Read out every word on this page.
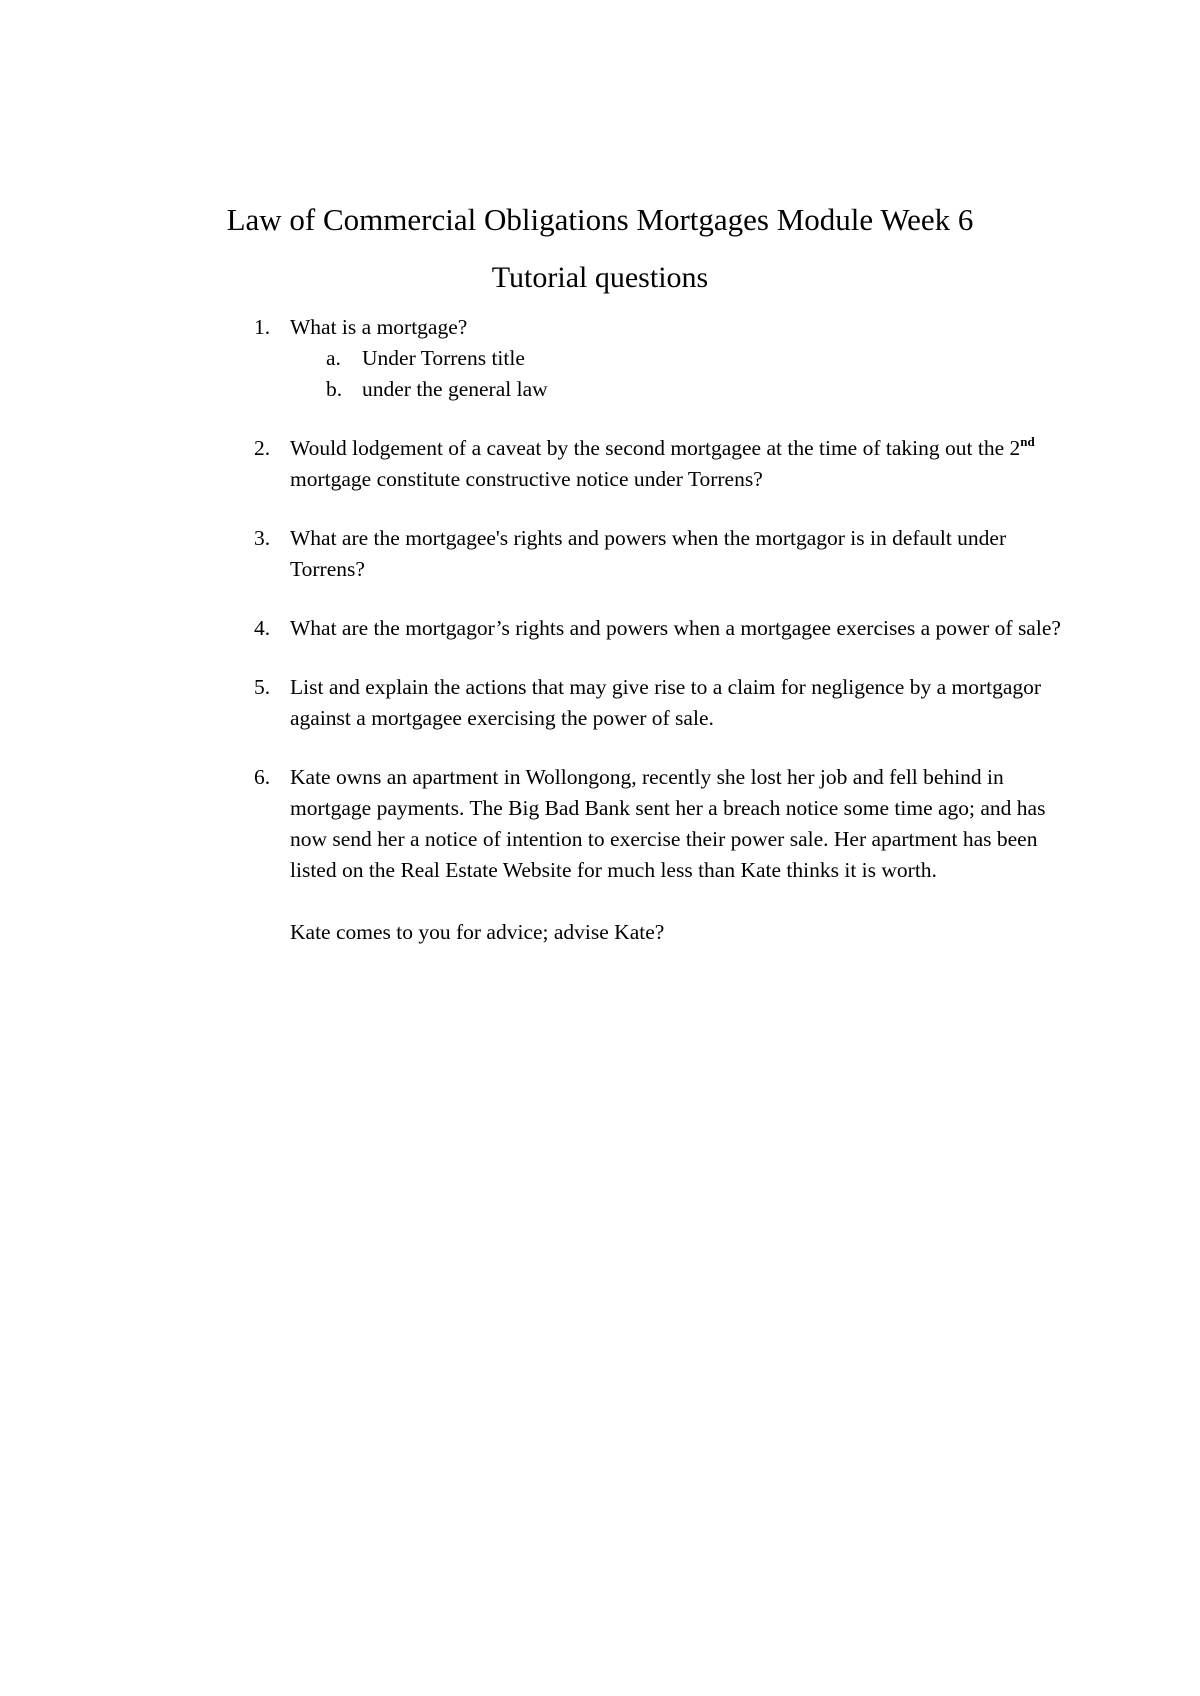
Law of Commercial Obligations Mortgages Module Week 6
Tutorial questions
1. What is a mortgage?
a. Under Torrens title
b. under the general law
2. Would lodgement of a caveat by the second mortgagee at the time of taking out the 2nd mortgage constitute constructive notice under Torrens?
3. What are the mortgagee's rights and powers when the mortgagor is in default under Torrens?
4. What are the mortgagor’s rights and powers when a mortgagee exercises a power of sale?
5. List and explain the actions that may give rise to a claim for negligence by a mortgagor against a mortgagee exercising the power of sale.
6. Kate owns an apartment in Wollongong, recently she lost her job and fell behind in mortgage payments. The Big Bad Bank sent her a breach notice some time ago; and has now send her a notice of intention to exercise their power sale. Her apartment has been listed on the Real Estate Website for much less than Kate thinks it is worth.
Kate comes to you for advice; advise Kate?
